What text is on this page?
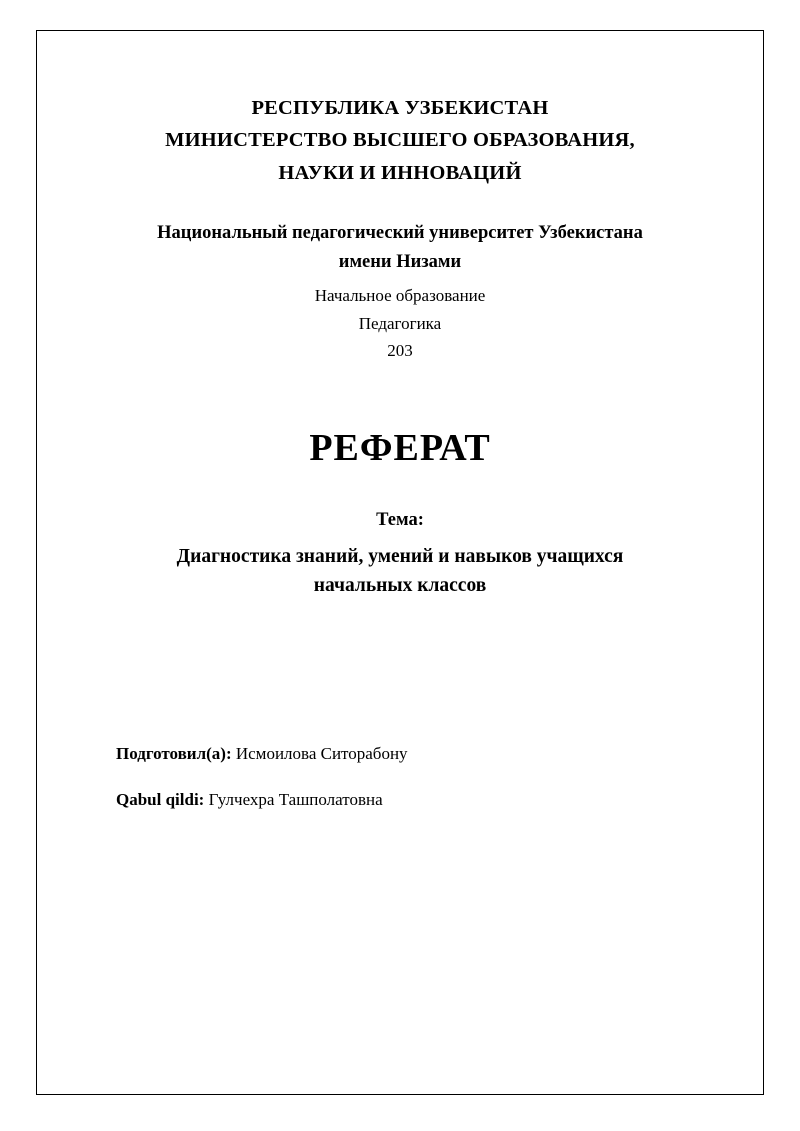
РЕСПУБЛИКА УЗБЕКИСТАН
МИНИСТЕРСТВО ВЫСШЕГО ОБРАЗОВАНИЯ,
НАУКИ И ИННОВАЦИЙ
Национальный педагогический университет Узбекистана
имени Низами
Начальное образование
Педагогика
203
РЕФЕРАТ
Тема:
Диагностика знаний, умений и навыков учащихся
начальных классов
Подготовил(а): Исмоилова Ситорабону
Qabul qildi: Гулчехра Ташполатовна
